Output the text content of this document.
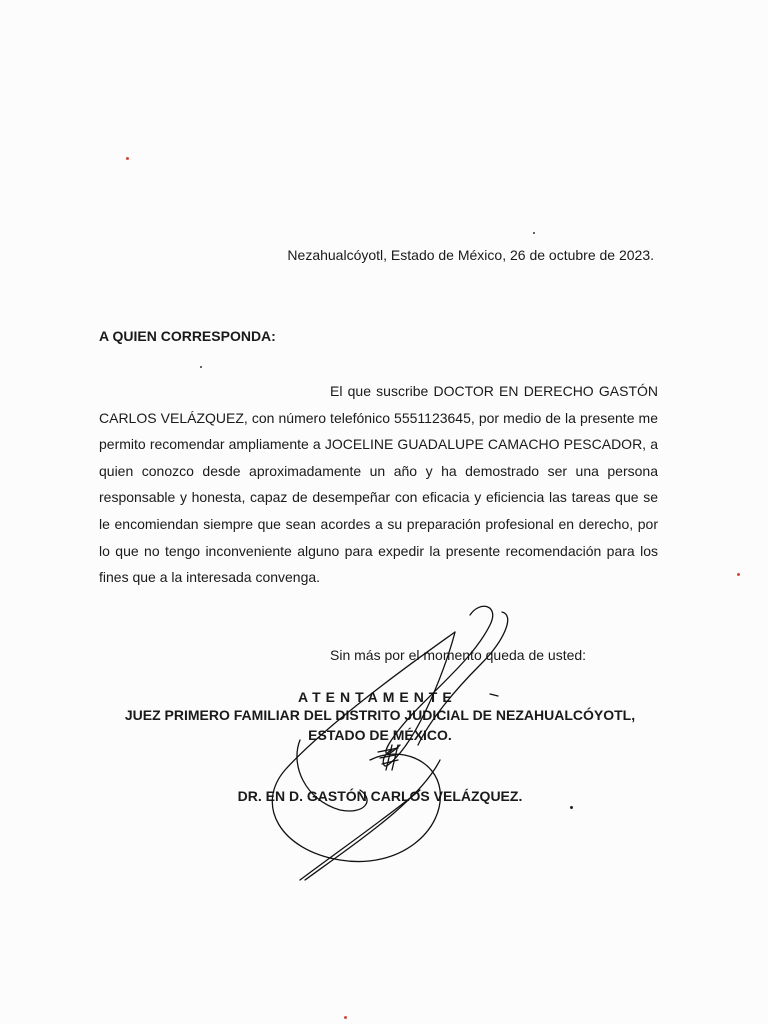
Nezahualcóyotl, Estado de México, 26 de octubre de 2023.
A QUIEN CORRESPONDA:

El que suscribe DOCTOR EN DERECHO GASTÓN CARLOS VELÁZQUEZ, con número telefónico 5551123645, por medio de la presente me permito recomendar ampliamente a JOCELINE GUADALUPE CAMACHO PESCADOR, a quien conozco desde aproximadamente un año y ha demostrado ser una persona responsable y honesta, capaz de desempeñar con eficacia y eficiencia las tareas que se le encomiendan siempre que sean acordes a su preparación profesional en derecho, por lo que no tengo inconveniente alguno para expedir la presente recomendación para los fines que a la interesada convenga.

Sin más por el momento queda de usted:
ATENTAMENTE
JUEZ PRIMERO FAMILIAR DEL DISTRITO JUDICIAL DE NEZAHUALCÓYOTL,
ESTADO DE MÉXICO.
DR. EN D. GASTÓN CARLOS VELÁZQUEZ.
